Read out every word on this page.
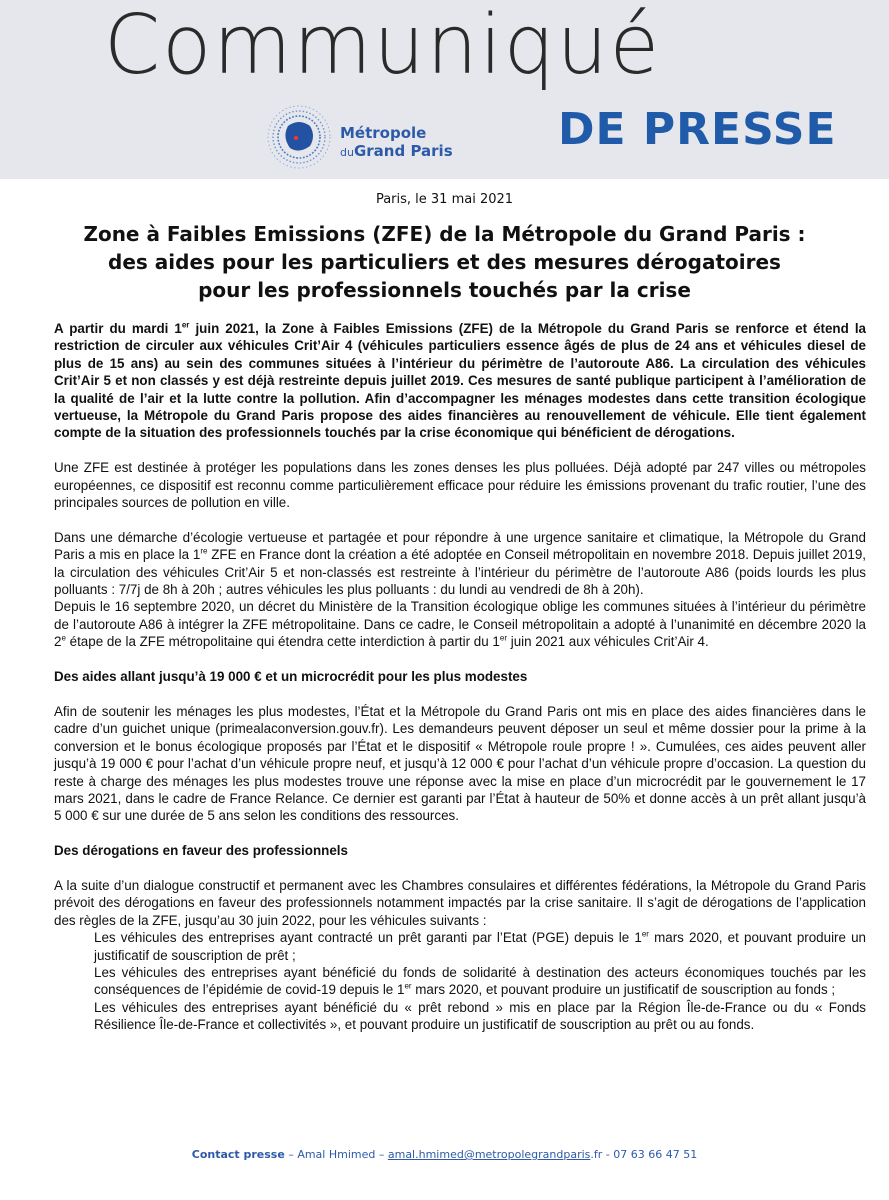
Communiqué
Métropole
duGrand Paris DE PRESSE
Paris, le 31 mai 2021
Zone à Faibles Emissions (ZFE) de la Métropole du Grand Paris :
des aides pour les particuliers et des mesures dérogatoires
pour les professionnels touchés par la crise

A partir du mardi 1er juin 2021, la Zone à Faibles Emissions (ZFE) de la Métropole du Grand Paris se renforce et étend la restriction de circuler aux véhicules Crit’Air 4 (véhicules particuliers essence âgés de plus de 24 ans et véhicules diesel de plus de 15 ans) au sein des communes situées à l’intérieur du périmètre de l’autoroute A86. La circulation des véhicules Crit’Air 5 et non classés y est déjà restreinte depuis juillet 2019. Ces mesures de santé publique participent à l’amélioration de la qualité de l’air et la lutte contre la pollution. Afin d’accompagner les ménages modestes dans cette transition écologique vertueuse, la Métropole du Grand Paris propose des aides financières au renouvellement de véhicule. Elle tient également compte de la situation des professionnels touchés par la crise économique qui bénéficient de dérogations.

Une ZFE est destinée à protéger les populations dans les zones denses les plus polluées. Déjà adopté par 247 villes ou métropoles européennes, ce dispositif est reconnu comme particulièrement efficace pour réduire les émissions provenant du trafic routier, l’une des principales sources de pollution en ville.

Dans une démarche d’écologie vertueuse et partagée et pour répondre à une urgence sanitaire et climatique, la Métropole du Grand Paris a mis en place la 1re ZFE en France dont la création a été adoptée en Conseil métropolitain en novembre 2018. Depuis juillet 2019, la circulation des véhicules Crit’Air 5 et non-classés est restreinte à l’intérieur du périmètre de l’autoroute A86 (poids lourds les plus polluants : 7/7j de 8h à 20h ; autres véhicules les plus polluants : du lundi au vendredi de 8h à 20h).

Depuis le 16 septembre 2020, un décret du Ministère de la Transition écologique oblige les communes situées à l’intérieur du périmètre de l’autoroute A86 à intégrer la ZFE métropolitaine. Dans ce cadre, le Conseil métropolitain a adopté à l’unanimité en décembre 2020 la 2e étape de la ZFE métropolitaine qui étendra cette interdiction à partir du 1er juin 2021 aux véhicules Crit’Air 4.

Des aides allant jusqu’à 19 000 € et un microcrédit pour les plus modestes

Afin de soutenir les ménages les plus modestes, l’État et la Métropole du Grand Paris ont mis en place des aides financières dans le cadre d’un guichet unique (primealaconversion.gouv.fr). Les demandeurs peuvent déposer un seul et même dossier pour la prime à la conversion et le bonus écologique proposés par l’État et le dispositif « Métropole roule propre ! ». Cumulées, ces aides peuvent aller jusqu’à 19 000 € pour l’achat d’un véhicule propre neuf, et jusqu’à 12 000 € pour l’achat d’un véhicule propre d’occasion. La question du reste à charge des ménages les plus modestes trouve une réponse avec la mise en place d’un microcrédit par le gouvernement le 17 mars 2021, dans le cadre de France Relance. Ce dernier est garanti par l’État à hauteur de 50% et donne accès à un prêt allant jusqu’à 5 000 € sur une durée de 5 ans selon les conditions des ressources.

Des dérogations en faveur des professionnels

A la suite d’un dialogue constructif et permanent avec les Chambres consulaires et différentes fédérations, la Métropole du Grand Paris prévoit des dérogations en faveur des professionnels notamment impactés par la crise sanitaire. Il s’agit de dérogations de l’application des règles de la ZFE, jusqu’au 30 juin 2022, pour les véhicules suivants :

Les véhicules des entreprises ayant contracté un prêt garanti par l’Etat (PGE) depuis le 1er mars 2020, et pouvant produire un justificatif de souscription de prêt ;
Les véhicules des entreprises ayant bénéficié du fonds de solidarité à destination des acteurs économiques touchés par les conséquences de l’épidémie de covid-19 depuis le 1er mars 2020, et pouvant produire un justificatif de souscription au fonds ;
Les véhicules des entreprises ayant bénéficié du « prêt rebond » mis en place par la Région Île-de-France ou du « Fonds Résilience Île-de-France et collectivités », et pouvant produire un justificatif de souscription au prêt ou au fonds.
Contact presse – Amal Hmimed – amal.hmimed@metropolegrandparis.fr - 07 63 66 47 51
